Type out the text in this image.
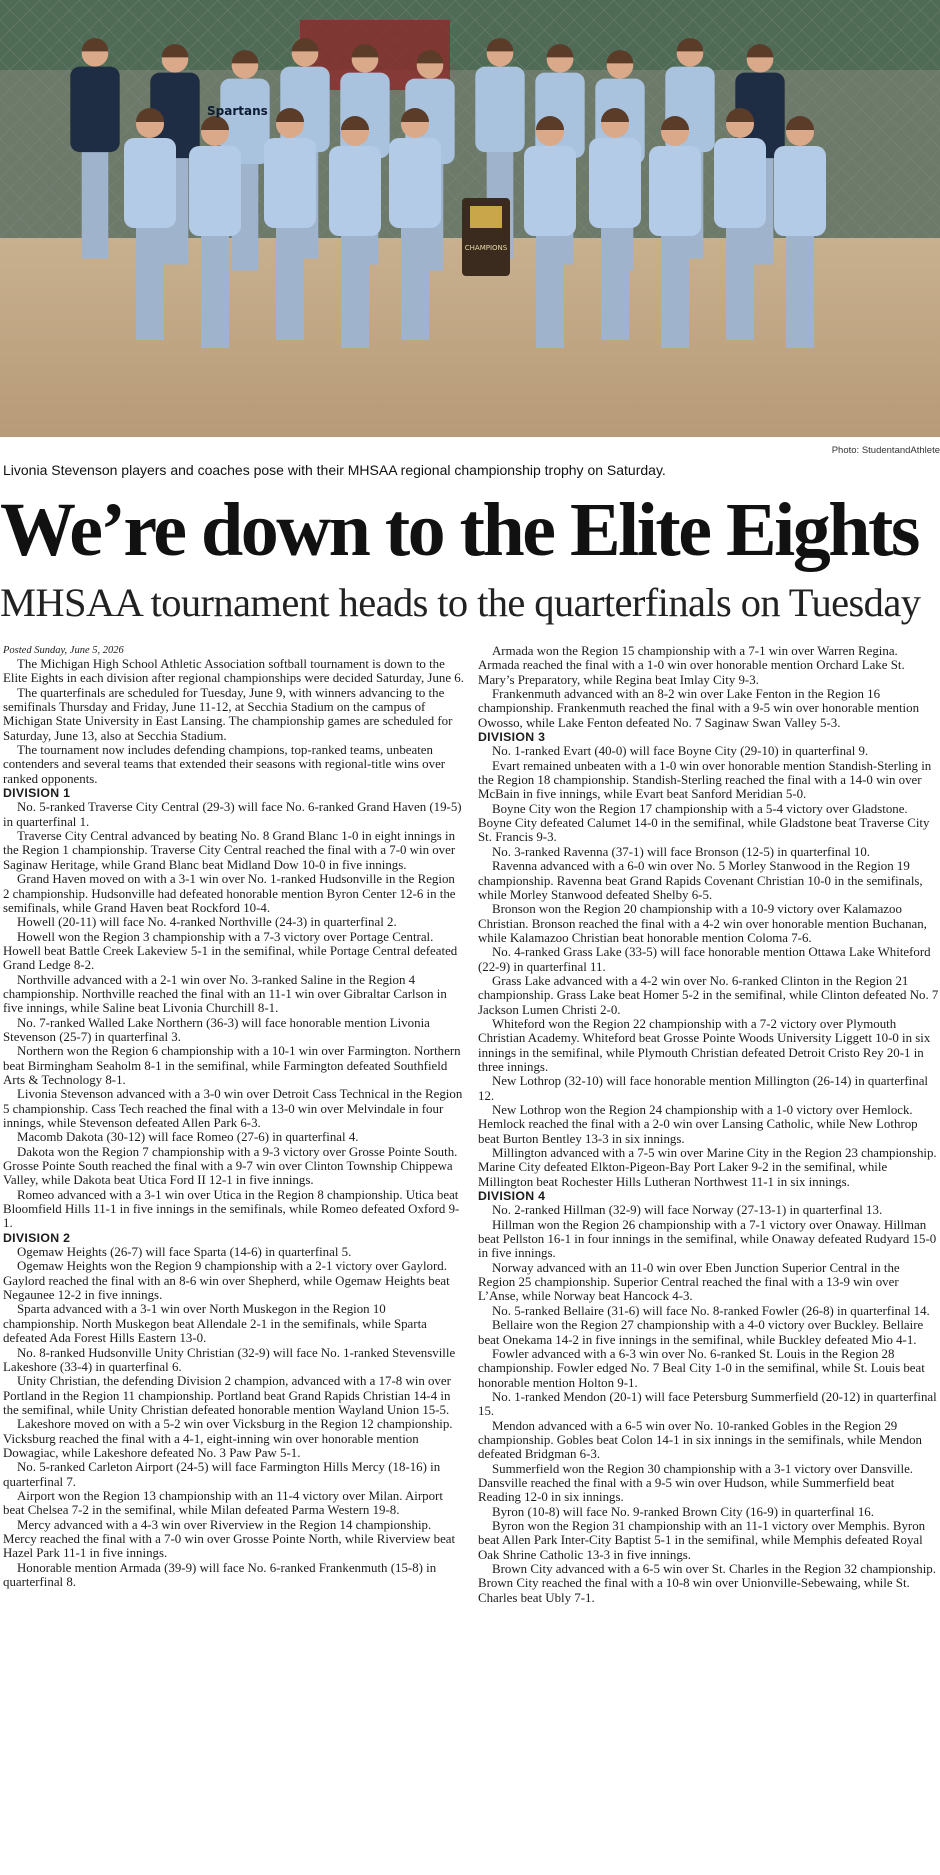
CHAMPIONS
Spartans
Photo: StudentandAthlete
Livonia Stevenson players and coaches pose with their MHSAA regional championship trophy on Saturday.
We’re down to the Elite Eights
MHSAA tournament heads to the quarterfinals on Tuesday
Posted Sunday, June 5, 2026
The Michigan High School Athletic Association softball tournament is down to the Elite Eights in each division after regional championships were decided Saturday, June 6.
The quarterfinals are scheduled for Tuesday, June 9, with winners advancing to the semifinals Thursday and Friday, June 11-12, at Secchia Stadium on the campus of Michigan State University in East Lansing. The championship games are scheduled for Saturday, June 13, also at Secchia Stadium.
The tournament now includes defending champions, top-ranked teams, unbeaten contenders and several teams that extended their seasons with regional-title wins over ranked opponents.
DIVISION 1
No. 5-ranked Traverse City Central (29-3) will face No. 6-ranked Grand Haven (19-5) in quarterfinal 1.
Traverse City Central advanced by beating No. 8 Grand Blanc 1-0 in eight innings in the Region 1 championship. Traverse City Central reached the final with a 7-0 win over Saginaw Heritage, while Grand Blanc beat Midland Dow 10-0 in five innings.
Grand Haven moved on with a 3-1 win over No. 1-ranked Hudsonville in the Region 2 championship. Hudsonville had defeated honorable mention Byron Center 12-6 in the semifinals, while Grand Haven beat Rockford 10-4.
Howell (20-11) will face No. 4-ranked Northville (24-3) in quarterfinal 2.
Howell won the Region 3 championship with a 7-3 victory over Portage Central. Howell beat Battle Creek Lakeview 5-1 in the semifinal, while Portage Central defeated Grand Ledge 8-2.
Northville advanced with a 2-1 win over No. 3-ranked Saline in the Region 4 championship. Northville reached the final with an 11-1 win over Gibraltar Carlson in five innings, while Saline beat Livonia Churchill 8-1.
No. 7-ranked Walled Lake Northern (36-3) will face honorable mention Livonia Stevenson (25-7) in quarterfinal 3.
Northern won the Region 6 championship with a 10-1 win over Farmington. Northern beat Birmingham Seaholm 8-1 in the semifinal, while Farmington defeated Southfield Arts & Technology 8-1.
Livonia Stevenson advanced with a 3-0 win over Detroit Cass Technical in the Region 5 championship. Cass Tech reached the final with a 13-0 win over Melvindale in four innings, while Stevenson defeated Allen Park 6-3.
Macomb Dakota (30-12) will face Romeo (27-6) in quarterfinal 4.
Dakota won the Region 7 championship with a 9-3 victory over Grosse Pointe South. Grosse Pointe South reached the final with a 9-7 win over Clinton Township Chippewa Valley, while Dakota beat Utica Ford II 12-1 in five innings.
Romeo advanced with a 3-1 win over Utica in the Region 8 championship. Utica beat Bloomfield Hills 11-1 in five innings in the semifinals, while Romeo defeated Oxford 9-1.
DIVISION 2
Ogemaw Heights (26-7) will face Sparta (14-6) in quarterfinal 5.
Ogemaw Heights won the Region 9 championship with a 2-1 victory over Gaylord. Gaylord reached the final with an 8-6 win over Shepherd, while Ogemaw Heights beat Negaunee 12-2 in five innings.
Sparta advanced with a 3-1 win over North Muskegon in the Region 10 championship. North Muskegon beat Allendale 2-1 in the semifinals, while Sparta defeated Ada Forest Hills Eastern 13-0.
No. 8-ranked Hudsonville Unity Christian (32-9) will face No. 1-ranked Stevensville Lakeshore (33-4) in quarterfinal 6.
Unity Christian, the defending Division 2 champion, advanced with a 17-8 win over Portland in the Region 11 championship. Portland beat Grand Rapids Christian 14-4 in the semifinal, while Unity Christian defeated honorable mention Wayland Union 15-5.
Lakeshore moved on with a 5-2 win over Vicksburg in the Region 12 championship. Vicksburg reached the final with a 4-1, eight-inning win over honorable mention Dowagiac, while Lakeshore defeated No. 3 Paw Paw 5-1.
No. 5-ranked Carleton Airport (24-5) will face Farmington Hills Mercy (18-16) in quarterfinal 7.
Airport won the Region 13 championship with an 11-4 victory over Milan. Airport beat Chelsea 7-2 in the semifinal, while Milan defeated Parma Western 19-8.
Mercy advanced with a 4-3 win over Riverview in the Region 14 championship. Mercy reached the final with a 7-0 win over Grosse Pointe North, while Riverview beat Hazel Park 11-1 in five innings.
Honorable mention Armada (39-9) will face No. 6-ranked Frankenmuth (15-8) in quarterfinal 8.
Armada won the Region 15 championship with a 7-1 win over Warren Regina. Armada reached the final with a 1-0 win over honorable mention Orchard Lake St. Mary’s Preparatory, while Regina beat Imlay City 9-3.
Frankenmuth advanced with an 8-2 win over Lake Fenton in the Region 16 championship. Frankenmuth reached the final with a 9-5 win over honorable mention Owosso, while Lake Fenton defeated No. 7 Saginaw Swan Valley 5-3.
DIVISION 3
No. 1-ranked Evart (40-0) will face Boyne City (29-10) in quarterfinal 9.
Evart remained unbeaten with a 1-0 win over honorable mention Standish-Sterling in the Region 18 championship. Standish-Sterling reached the final with a 14-0 win over McBain in five innings, while Evart beat Sanford Meridian 5-0.
Boyne City won the Region 17 championship with a 5-4 victory over Gladstone. Boyne City defeated Calumet 14-0 in the semifinal, while Gladstone beat Traverse City St. Francis 9-3.
No. 3-ranked Ravenna (37-1) will face Bronson (12-5) in quarterfinal 10.
Ravenna advanced with a 6-0 win over No. 5 Morley Stanwood in the Region 19 championship. Ravenna beat Grand Rapids Covenant Christian 10-0 in the semifinals, while Morley Stanwood defeated Shelby 6-5.
Bronson won the Region 20 championship with a 10-9 victory over Kalamazoo Christian. Bronson reached the final with a 4-2 win over honorable mention Buchanan, while Kalamazoo Christian beat honorable mention Coloma 7-6.
No. 4-ranked Grass Lake (33-5) will face honorable mention Ottawa Lake Whiteford (22-9) in quarterfinal 11.
Grass Lake advanced with a 4-2 win over No. 6-ranked Clinton in the Region 21 championship. Grass Lake beat Homer 5-2 in the semifinal, while Clinton defeated No. 7 Jackson Lumen Christi 2-0.
Whiteford won the Region 22 championship with a 7-2 victory over Plymouth Christian Academy. Whiteford beat Grosse Pointe Woods University Liggett 10-0 in six innings in the semifinal, while Plymouth Christian defeated Detroit Cristo Rey 20-1 in three innings.
New Lothrop (32-10) will face honorable mention Millington (26-14) in quarterfinal 12.
New Lothrop won the Region 24 championship with a 1-0 victory over Hemlock. Hemlock reached the final with a 2-0 win over Lansing Catholic, while New Lothrop beat Burton Bentley 13-3 in six innings.
Millington advanced with a 7-5 win over Marine City in the Region 23 championship. Marine City defeated Elkton-Pigeon-Bay Port Laker 9-2 in the semifinal, while Millington beat Rochester Hills Lutheran Northwest 11-1 in six innings.
DIVISION 4
No. 2-ranked Hillman (32-9) will face Norway (27-13-1) in quarterfinal 13.
Hillman won the Region 26 championship with a 7-1 victory over Onaway. Hillman beat Pellston 16-1 in four innings in the semifinal, while Onaway defeated Rudyard 15-0 in five innings.
Norway advanced with an 11-0 win over Eben Junction Superior Central in the Region 25 championship. Superior Central reached the final with a 13-9 win over L’Anse, while Norway beat Hancock 4-3.
No. 5-ranked Bellaire (31-6) will face No. 8-ranked Fowler (26-8) in quarterfinal 14.
Bellaire won the Region 27 championship with a 4-0 victory over Buckley. Bellaire beat Onekama 14-2 in five innings in the semifinal, while Buckley defeated Mio 4-1.
Fowler advanced with a 6-3 win over No. 6-ranked St. Louis in the Region 28 championship. Fowler edged No. 7 Beal City 1-0 in the semifinal, while St. Louis beat honorable mention Holton 9-1.
No. 1-ranked Mendon (20-1) will face Petersburg Summerfield (20-12) in quarterfinal 15.
Mendon advanced with a 6-5 win over No. 10-ranked Gobles in the Region 29 championship. Gobles beat Colon 14-1 in six innings in the semifinals, while Mendon defeated Bridgman 6-3.
Summerfield won the Region 30 championship with a 3-1 victory over Dansville. Dansville reached the final with a 9-5 win over Hudson, while Summerfield beat Reading 12-0 in six innings.
Byron (10-8) will face No. 9-ranked Brown City (16-9) in quarterfinal 16.
Byron won the Region 31 championship with an 11-1 victory over Memphis. Byron beat Allen Park Inter-City Baptist 5-1 in the semifinal, while Memphis defeated Royal Oak Shrine Catholic 13-3 in five innings.
Brown City advanced with a 6-5 win over St. Charles in the Region 32 championship. Brown City reached the final with a 10-8 win over Unionville-Sebewaing, while St. Charles beat Ubly 7-1.
